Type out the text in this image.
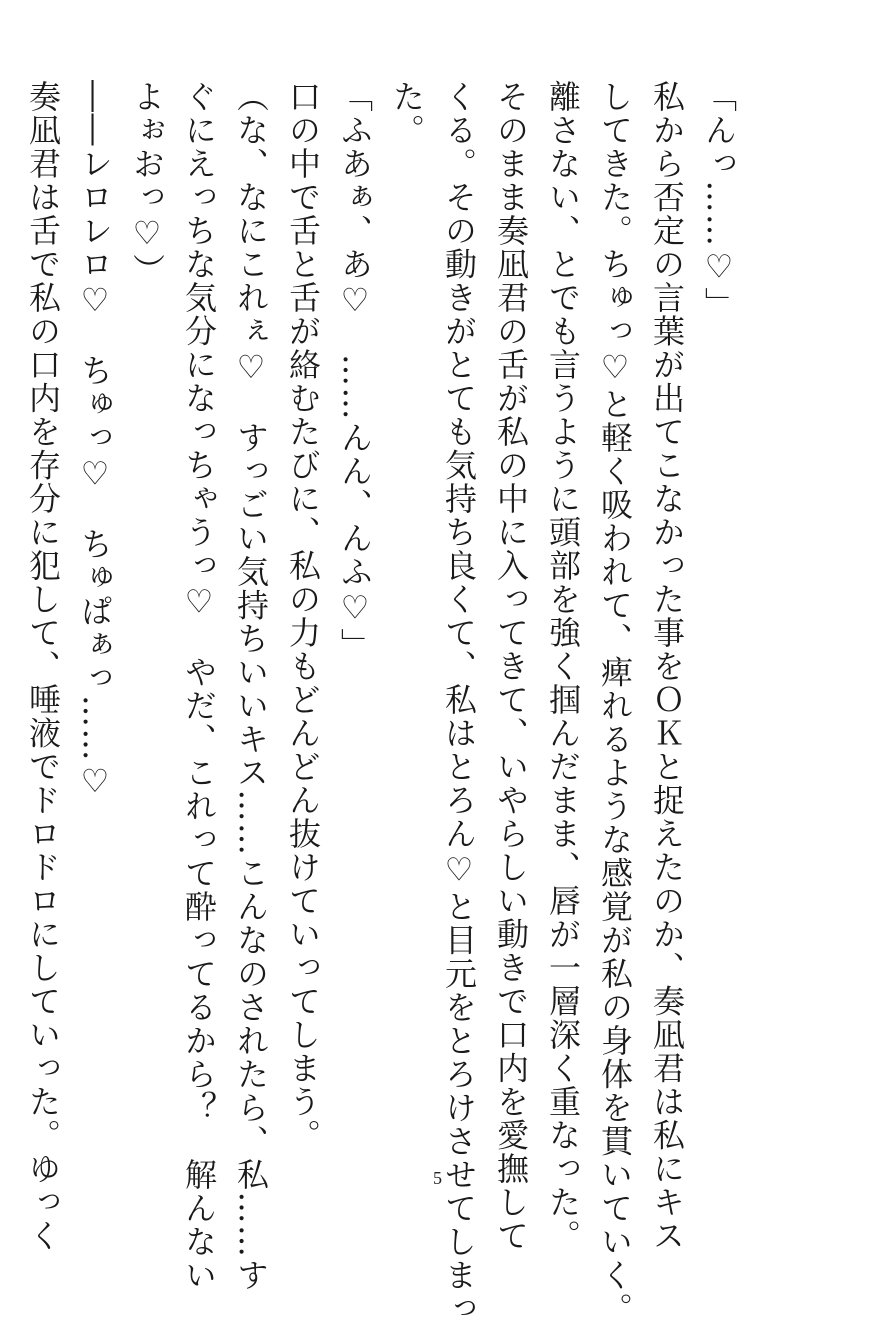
「んっ……♡」
私から否定の言葉が出てこなかった事をＯＫと捉えたのか、奏凪君は私にキス
してきた。ちゅっ♡と軽く吸われて、痺れるような感覚が私の身体を貫いていく。
離さない、とでも言うように頭部を強く掴んだまま、唇が一層深く重なった。
そのまま奏凪君の舌が私の中に入ってきて、いやらしい動きで口内を愛撫して
くる。その動きがとても気持ち良くて、私はとろん♡と目元をとろけさせてしまっ
た。
「ふあぁ、あ♡　……んん、んふ♡」
口の中で舌と舌が絡むたびに、私の力もどんどん抜けていってしまう。
（な、なにこれぇ♡　すっごい気持ちいいキス……こんなのされたら、私……す
ぐにえっちな気分になっちゃうっ♡　やだ、これって酔ってるから？　解んない
よぉおっ♡）
――レロレロ♡　ちゅっ♡　ちゅぱぁっ……♡
奏凪君は舌で私の口内を存分に犯して、唾液でドロドロにしていった。ゆっく	5
